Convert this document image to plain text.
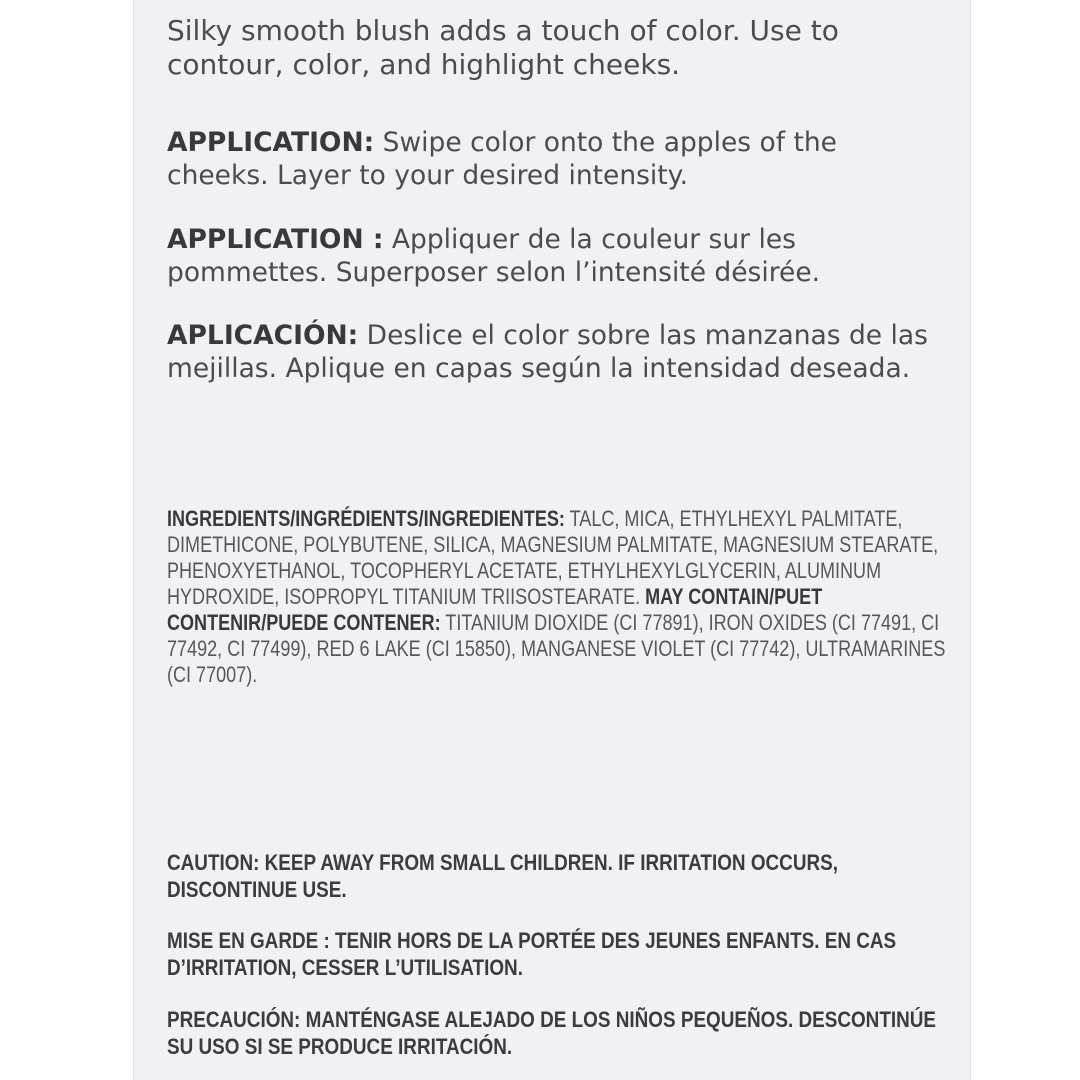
Silky smooth blush adds a touch of color. Use to contour, color, and highlight cheeks.

APPLICATION: Swipe color onto the apples of the cheeks. Layer to your desired intensity.

APPLICATION : Appliquer de la couleur sur les pommettes. Superposer selon l’intensité désirée.

APLICACIÓN: Deslice el color sobre las manzanas de las mejillas. Aplique en capas según la intensidad deseada.

INGREDIENTS/INGRÉDIENTS/INGREDIENTES: TALC, MICA, ETHYLHEXYL PALMITATE, DIMETHICONE, POLYBUTENE, SILICA, MAGNESIUM PALMITATE, MAGNESIUM STEARATE, PHENOXYETHANOL, TOCOPHERYL ACETATE, ETHYLHEXYLGLYCERIN, ALUMINUM HYDROXIDE, ISOPROPYL TITANIUM TRIISOSTEARATE. MAY CONTAIN/PUET CONTENIR/PUEDE CONTENER: TITANIUM DIOXIDE (CI 77891), IRON OXIDES (CI 77491, CI 77492, CI 77499), RED 6 LAKE (CI 15850), MANGANESE VIOLET (CI 77742), ULTRAMARINES (CI 77007).

CAUTION: KEEP AWAY FROM SMALL CHILDREN. IF IRRITATION OCCURS, DISCONTINUE USE.

MISE EN GARDE : TENIR HORS DE LA PORTÉE DES JEUNES ENFANTS. EN CAS D’IRRITATION, CESSER L’UTILISATION.

PRECAUCIÓN: MANTÉNGASE ALEJADO DE LOS NIÑOS PEQUEÑOS. DESCONTINÚE SU USO SI SE PRODUCE IRRITACIÓN.
